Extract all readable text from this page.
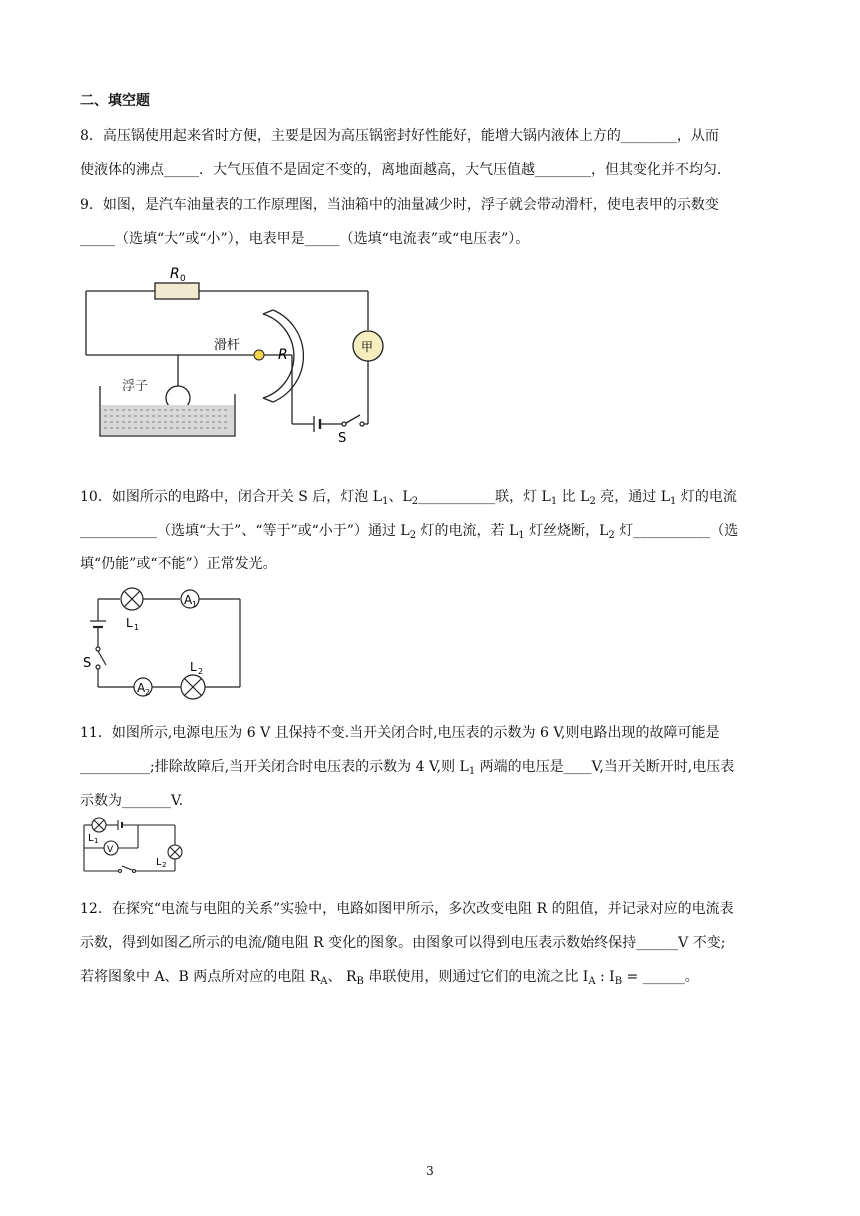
二、填空题
8．高压锅使用起来省时方便，主要是因为高压锅密封好性能好，能增大锅内液体上方的________，从而
使液体的沸点_____．大气压值不是固定不变的，离地面越高，大气压值越________，但其变化并不均匀．
9．如图，是汽车油量表的工作原理图，当油箱中的油量减少时，浮子就会带动滑杆，使电表甲的示数变
_____（选填“大”或“小”），电表甲是_____（选填“电流表”或“电压表”）。
R 0
滑杆
R
浮子
甲
S
10．如图所示的电路中，闭合开关 S 后，灯泡 $L_1$、$L_2\_\_\_\_\_\_\_\_\_\_\_$联，灯 $L_1$ 比 $L_2$ 亮，通过 $L_1$ 灯的电流
___________（选填“大于”、“等于”或“小于”）通过 $L_2$ 灯的电流，若 $L_1$ 灯丝烧断，$L_2$ 灯___________（选
填“仍能”或“不能”）正常发光。
A 1
A 2
L 1
L 2
S
11．如图所示,电源电压为 6 V 且保持不变.当开关闭合时,电压表的示数为 6 V,则电路出现的故障可能是
__________;排除故障后,当开关闭合时电压表的示数为 4 V,则 $L_1$ 两端的电压是____V,当开关断开时,电压表
示数为_______V.
V
L 1
L 2
12．在探究“电流与电阻的关系”实验中，电路如图甲所示，多次改变电阻 R 的阻值，并记录对应的电流表
示数，得到如图乙所示的电流/随电阻 R 变化的图象。由图象可以得到电压表示数始终保持______V 不变;
若将图象中 A、B 两点所对应的电阻 $R_A$、 $R_B$ 串联使用，则通过它们的电流之比 $I_A$ : $I_B$ = ______。
3
